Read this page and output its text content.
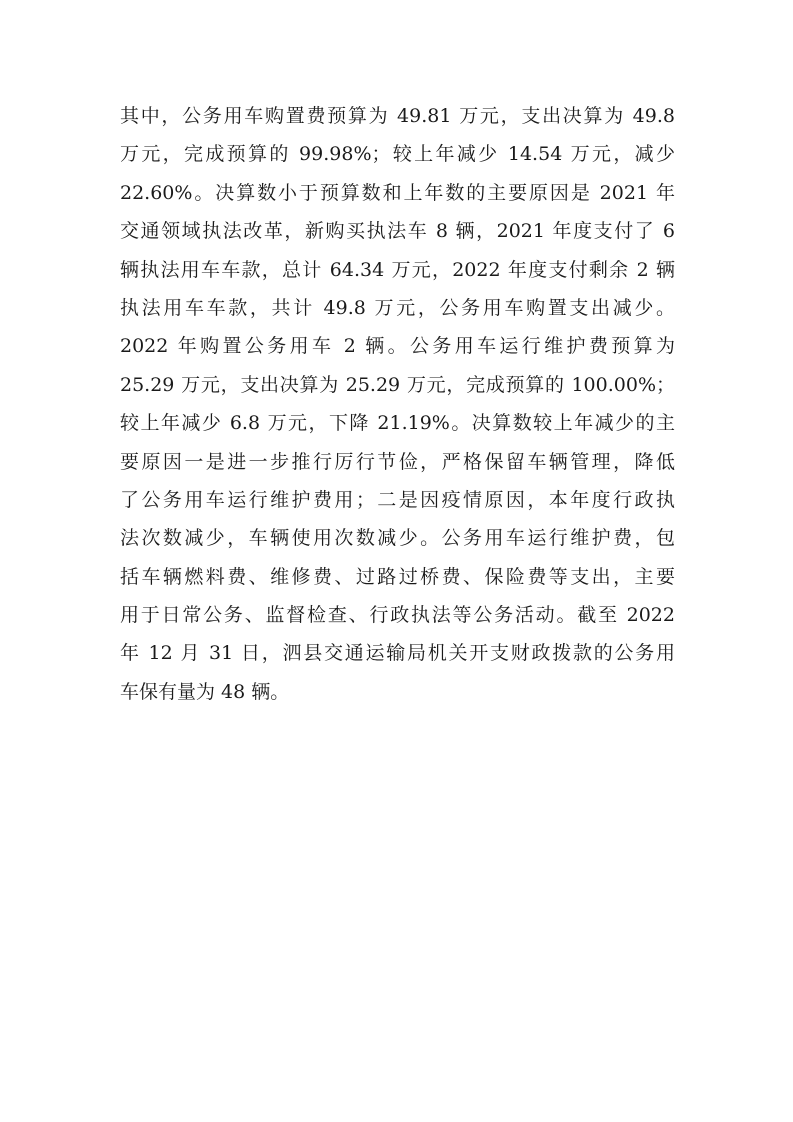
其中，公务用车购置费预算为 49.81 万元，支出决算为 49.8
万元，完成预算的 99.98%；较上年减少 14.54 万元，减少
22.60%。决算数小于预算数和上年数的主要原因是 2021 年
交通领域执法改革，新购买执法车 8 辆，2021 年度支付了 6
辆执法用车车款，总计 64.34 万元，2022 年度支付剩余 2 辆
执法用车车款，共计 49.8 万元，公务用车购置支出减少。
2022 年购置公务用车 2 辆。公务用车运行维护费预算为
25.29 万元，支出决算为 25.29 万元，完成预算的 100.00%；
较上年减少 6.8 万元，下降 21.19%。决算数较上年减少的主
要原因一是进一步推行厉行节俭，严格保留车辆管理，降低
了公务用车运行维护费用；二是因疫情原因，本年度行政执
法次数减少，车辆使用次数减少。公务用车运行维护费，包
括车辆燃料费、维修费、过路过桥费、保险费等支出，主要
用于日常公务、监督检查、行政执法等公务活动。截至 2022
年 12 月 31 日，泗县交通运输局机关开支财政拨款的公务用
车保有量为 48 辆。
